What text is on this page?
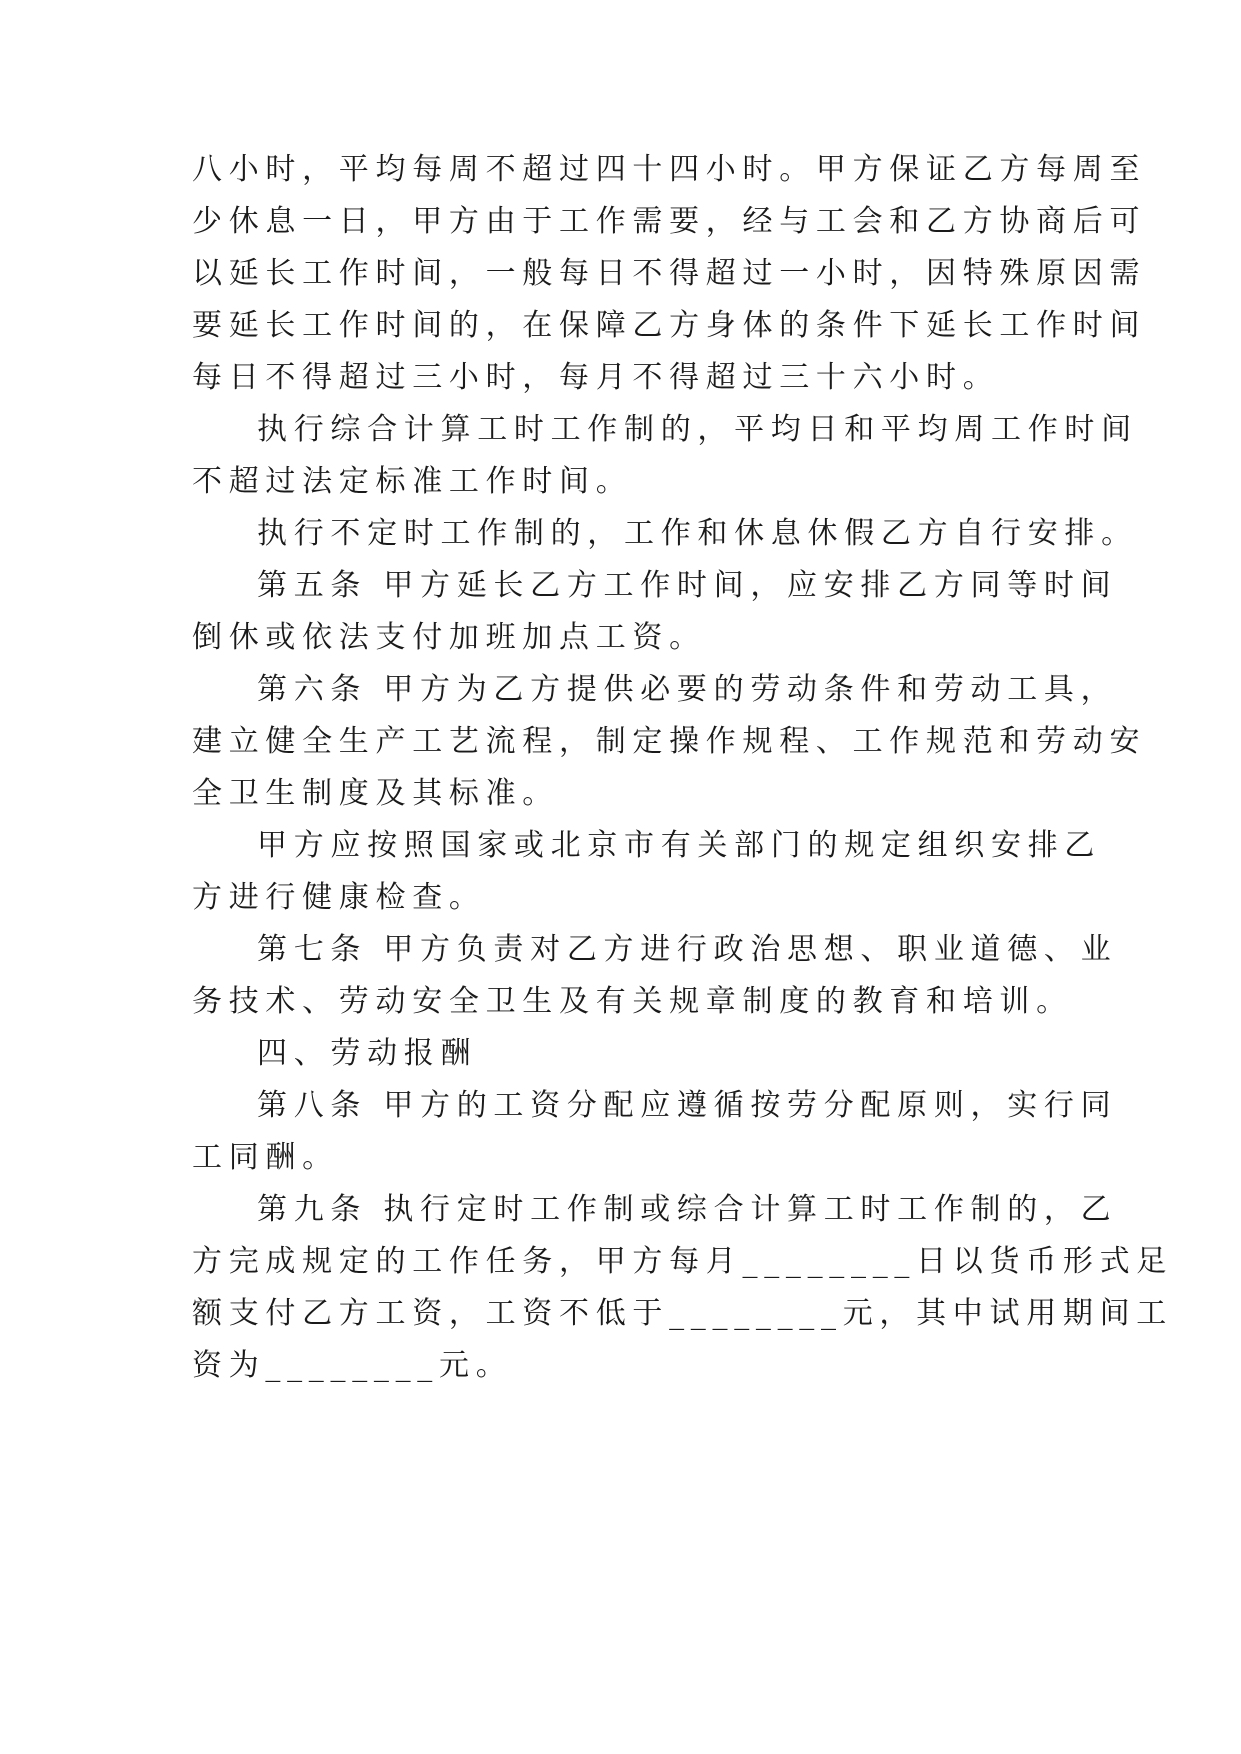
八小时，平均每周不超过四十四小时。甲方保证乙方每周至
少休息一日，甲方由于工作需要，经与工会和乙方协商后可
以延长工作时间，一般每日不得超过一小时，因特殊原因需
要延长工作时间的，在保障乙方身体的条件下延长工作时间
每日不得超过三小时，每月不得超过三十六小时。
执行综合计算工时工作制的，平均日和平均周工作时间
不超过法定标准工作时间。
执行不定时工作制的，工作和休息休假乙方自行安排。
第五条 甲方延长乙方工作时间，应安排乙方同等时间
倒休或依法支付加班加点工资。
第六条 甲方为乙方提供必要的劳动条件和劳动工具，
建立健全生产工艺流程，制定操作规程、工作规范和劳动安
全卫生制度及其标准。
甲方应按照国家或北京市有关部门的规定组织安排乙
方进行健康检查。
第七条 甲方负责对乙方进行政治思想、职业道德、业
务技术、劳动安全卫生及有关规章制度的教育和培训。
四、劳动报酬
第八条 甲方的工资分配应遵循按劳分配原则，实行同
工同酬。
第九条 执行定时工作制或综合计算工时工作制的，乙
方完成规定的工作任务，甲方每月________日以货币形式足
额支付乙方工资，工资不低于________元，其中试用期间工
资为________元。
